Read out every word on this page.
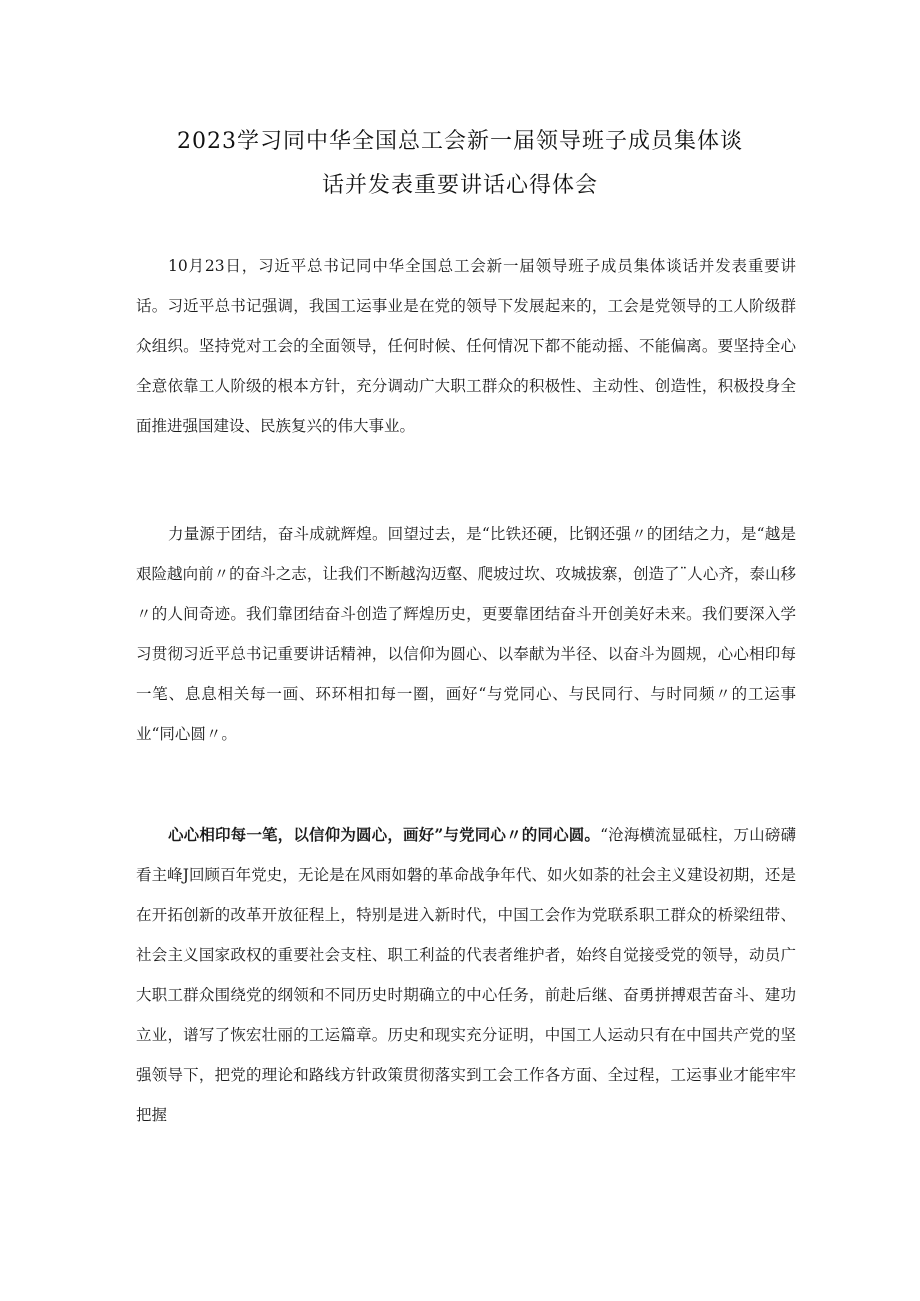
2023学习同中华全国总工会新一届领导班子成员集体谈
话并发表重要讲话心得体会
10月23日，习近平总书记同中华全国总工会新一届领导班子成员集体谈话并发表重要讲话。习近平总书记强调，我国工运事业是在党的领导下发展起来的，工会是党领导的工人阶级群众组织。坚持党对工会的全面领导，任何时候、任何情况下都不能动摇、不能偏离。要坚持全心全意依靠工人阶级的根本方针，充分调动广大职工群众的积极性、主动性、创造性，积极投身全面推进强国建设、民族复兴的伟大事业。
力量源于团结，奋斗成就辉煌。回望过去，是“比铁还硬，比钢还强〃的团结之力，是“越是艰险越向前〃的奋斗之志，让我们不断越沟迈壑、爬坡过坎、攻城拔寨，创造了¨人心齐，泰山移〃的人间奇迹。我们靠团结奋斗创造了辉煌历史，更要靠团结奋斗开创美好未来。我们要深入学习贯彻习近平总书记重要讲话精神，以信仰为圆心、以奉献为半径、以奋斗为圆规，心心相印每一笔、息息相关每一画、环环相扣每一圈，画好“与党同心、与民同行、与时同频〃的工运事业“同心圆〃。
心心相印每一笔，以信仰为圆心，画好”与党同心〃的同心圆。“沧海横流显砥柱，万山磅礴看主峰J回顾百年党史，无论是在风雨如磐的革命战争年代、如火如荼的社会主义建设初期，还是在开拓创新的改革开放征程上，特别是进入新时代，中国工会作为党联系职工群众的桥梁纽带、社会主义国家政权的重要社会支柱、职工利益的代表者维护者，始终自觉接受党的领导，动员广大职工群众围绕党的纲领和不同历史时期确立的中心任务，前赴后继、奋勇拼搏艰苦奋斗、建功立业，谱写了恢宏壮丽的工运篇章。历史和现实充分证明，中国工人运动只有在中国共产党的坚强领导下，把党的理论和路线方针政策贯彻落实到工会工作各方面、全过程，工运事业才能牢牢把握
